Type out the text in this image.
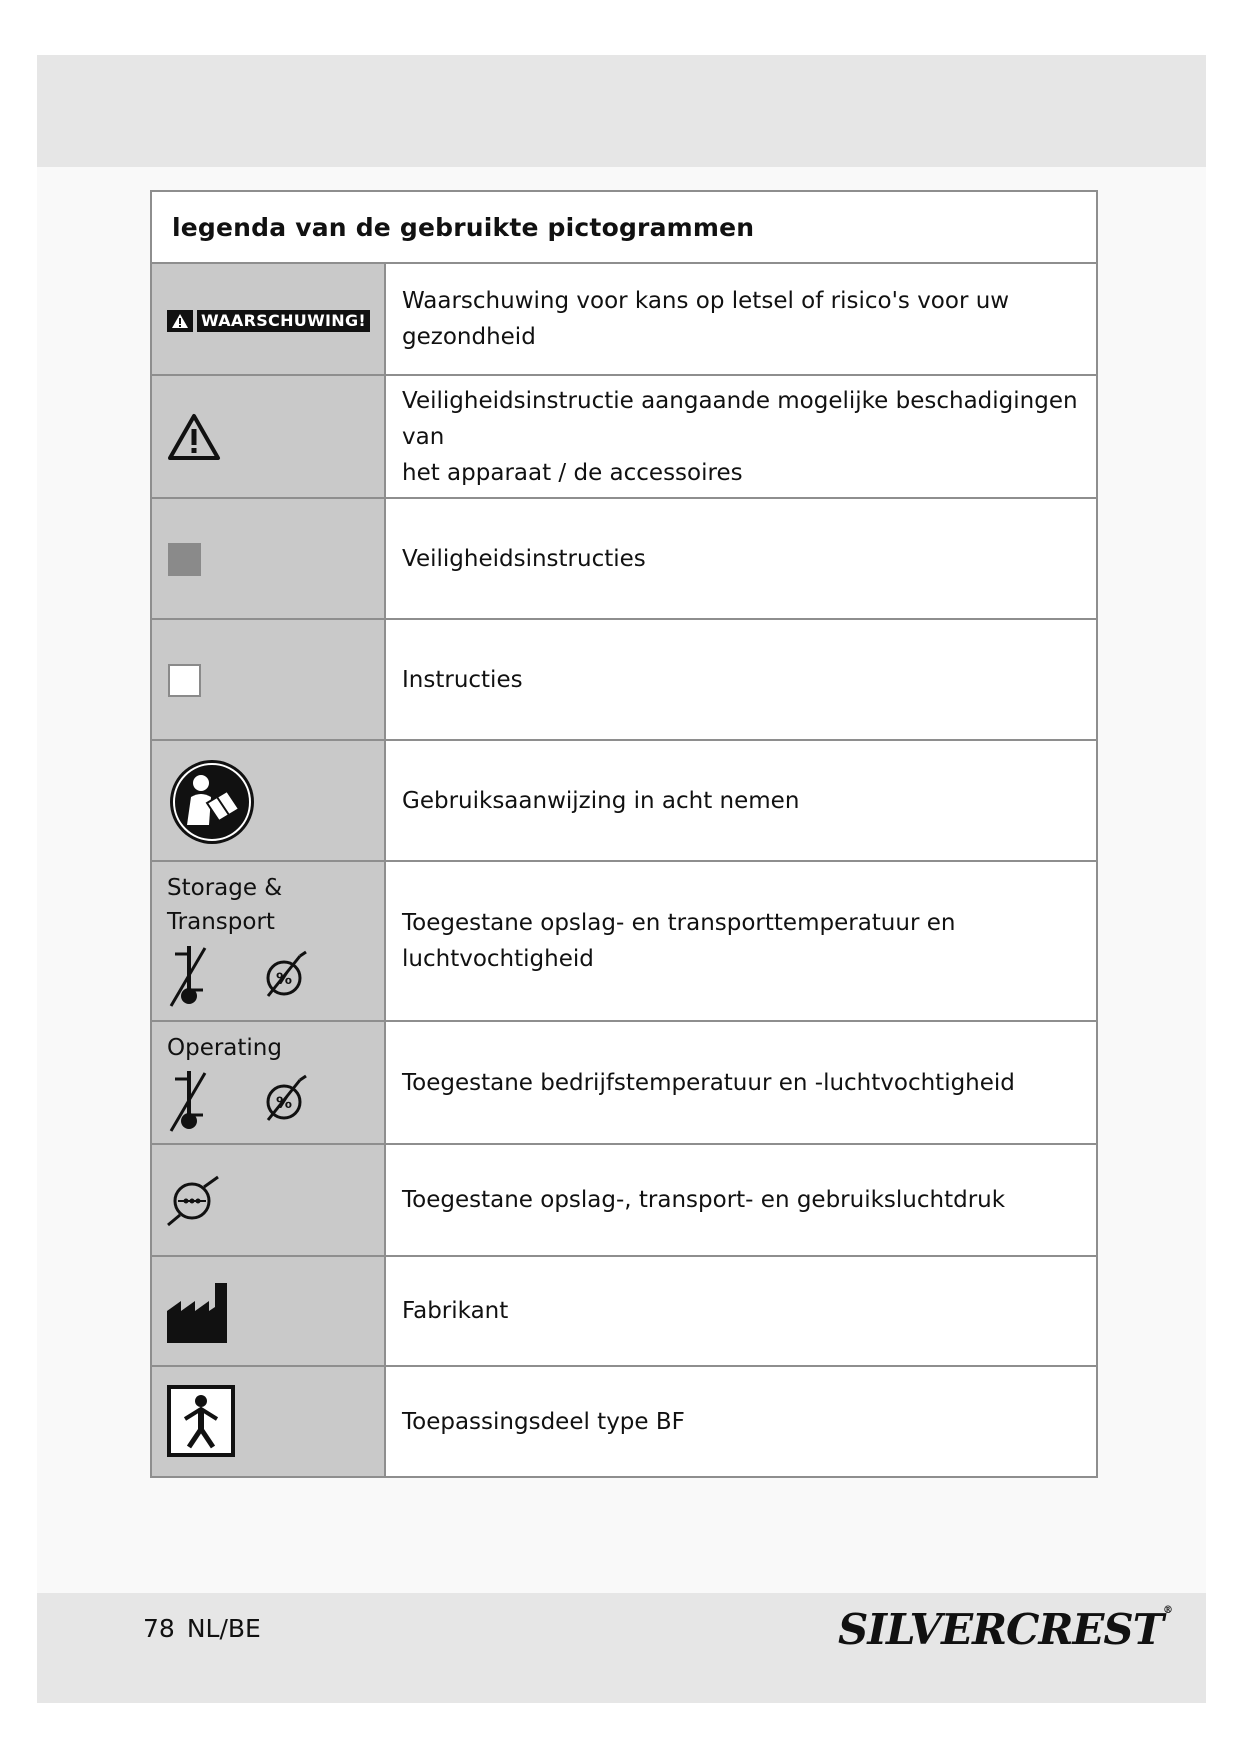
legenda van de gebruikte pictogrammen
WAARSCHUWING!
Waarschuwing voor kans op letsel of risico's voor uw gezondheid
Veiligheidsinstructie aangaande mogelijke beschadigingen van
het apparaat / de accessoires
Veiligheidsinstructies
Instructies
Gebruiksaanwijzing in acht nemen
Storage &
Transport
%
Toegestane opslag- en transporttemperatuur en luchtvochtigheid
Operating
%
Toegestane bedrijfstemperatuur en -luchtvochtigheid
Toegestane opslag-, transport- en gebruiksluchtdruk
Fabrikant
Toepassingsdeel type BF
78 NL/BE	SILVERCREST®
